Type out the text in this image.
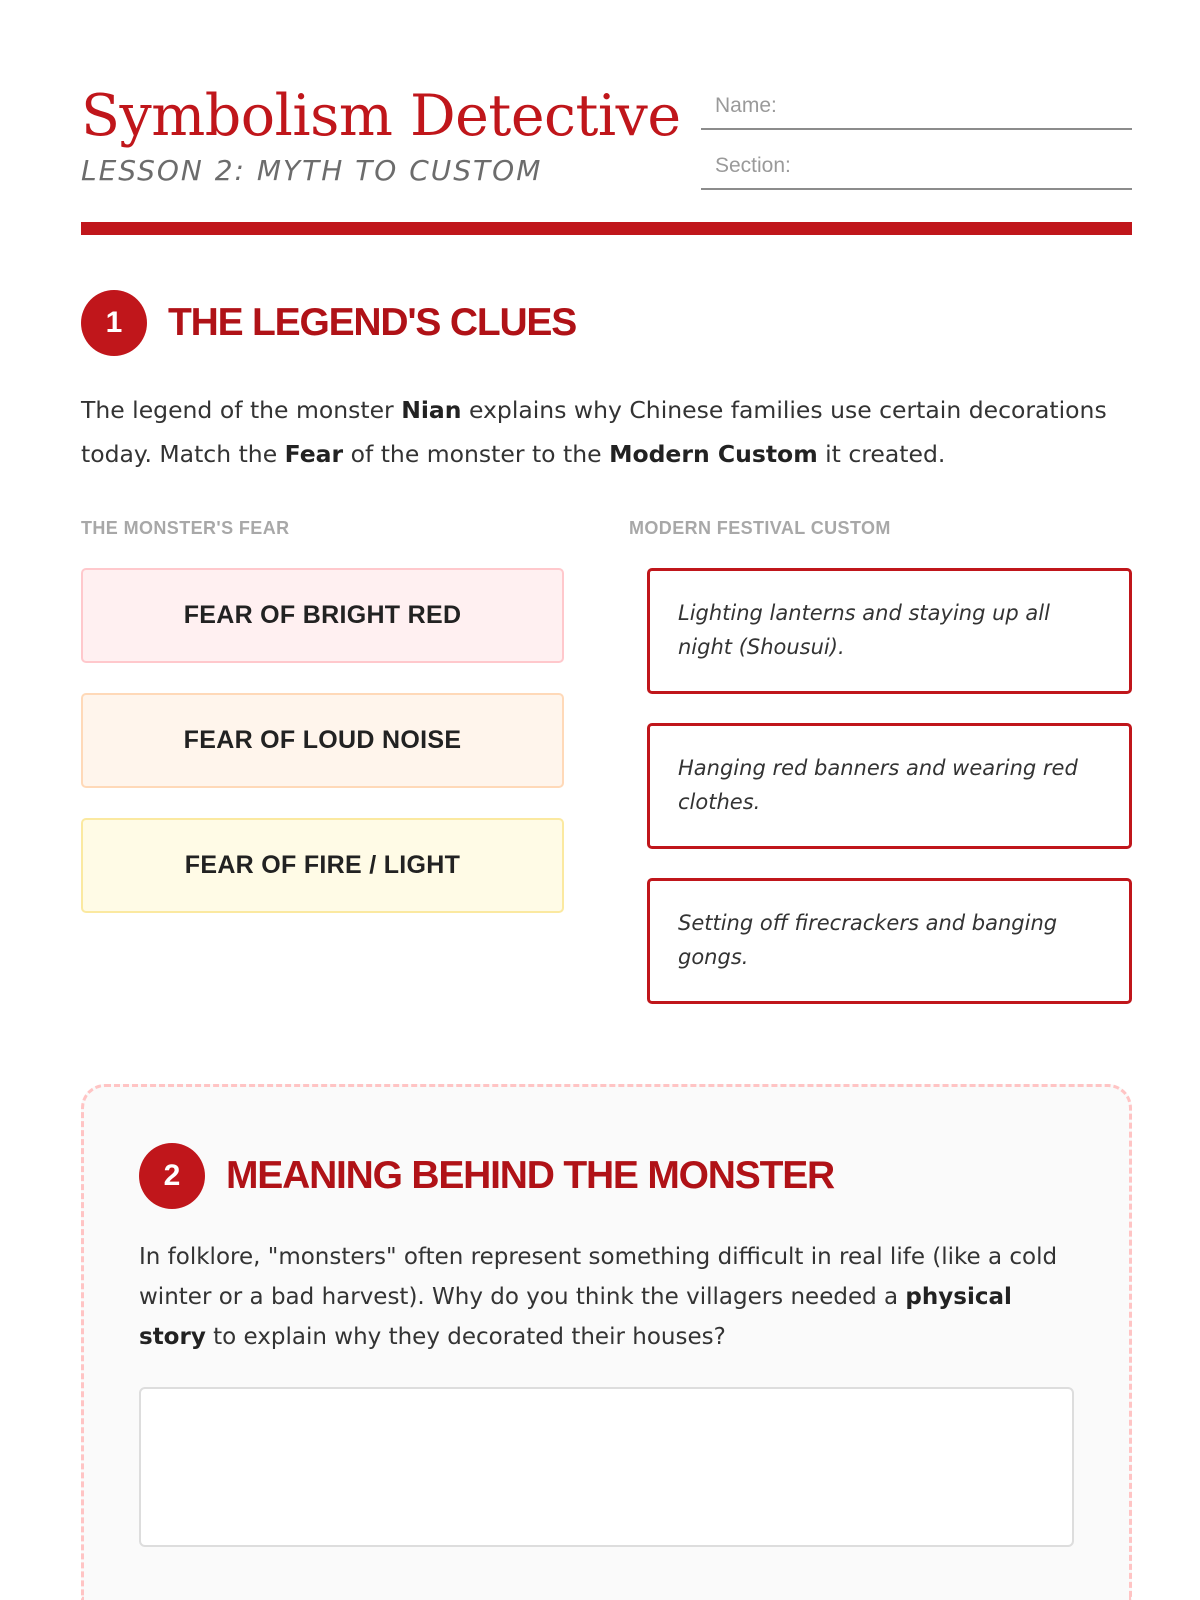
Symbolism Detective
LESSON 2: MYTH TO CUSTOM
Name:
Section:
1	THE LEGEND'S CLUES
The legend of the monster Nian explains why Chinese families use certain decorations today. Match the Fear of the monster to the Modern Custom it created.
THE MONSTER'S FEAR	MODERN FESTIVAL CUSTOM
FEAR OF BRIGHT RED
FEAR OF LOUD NOISE
FEAR OF FIRE / LIGHT
Lighting lanterns and staying up all night (Shousui).
Hanging red banners and wearing red clothes.
Setting off firecrackers and banging gongs.
2	MEANING BEHIND THE MONSTER
In folklore, "monsters" often represent something difficult in real life (like a cold winter or a bad harvest). Why do you think the villagers needed a physical story to explain why they decorated their houses?
